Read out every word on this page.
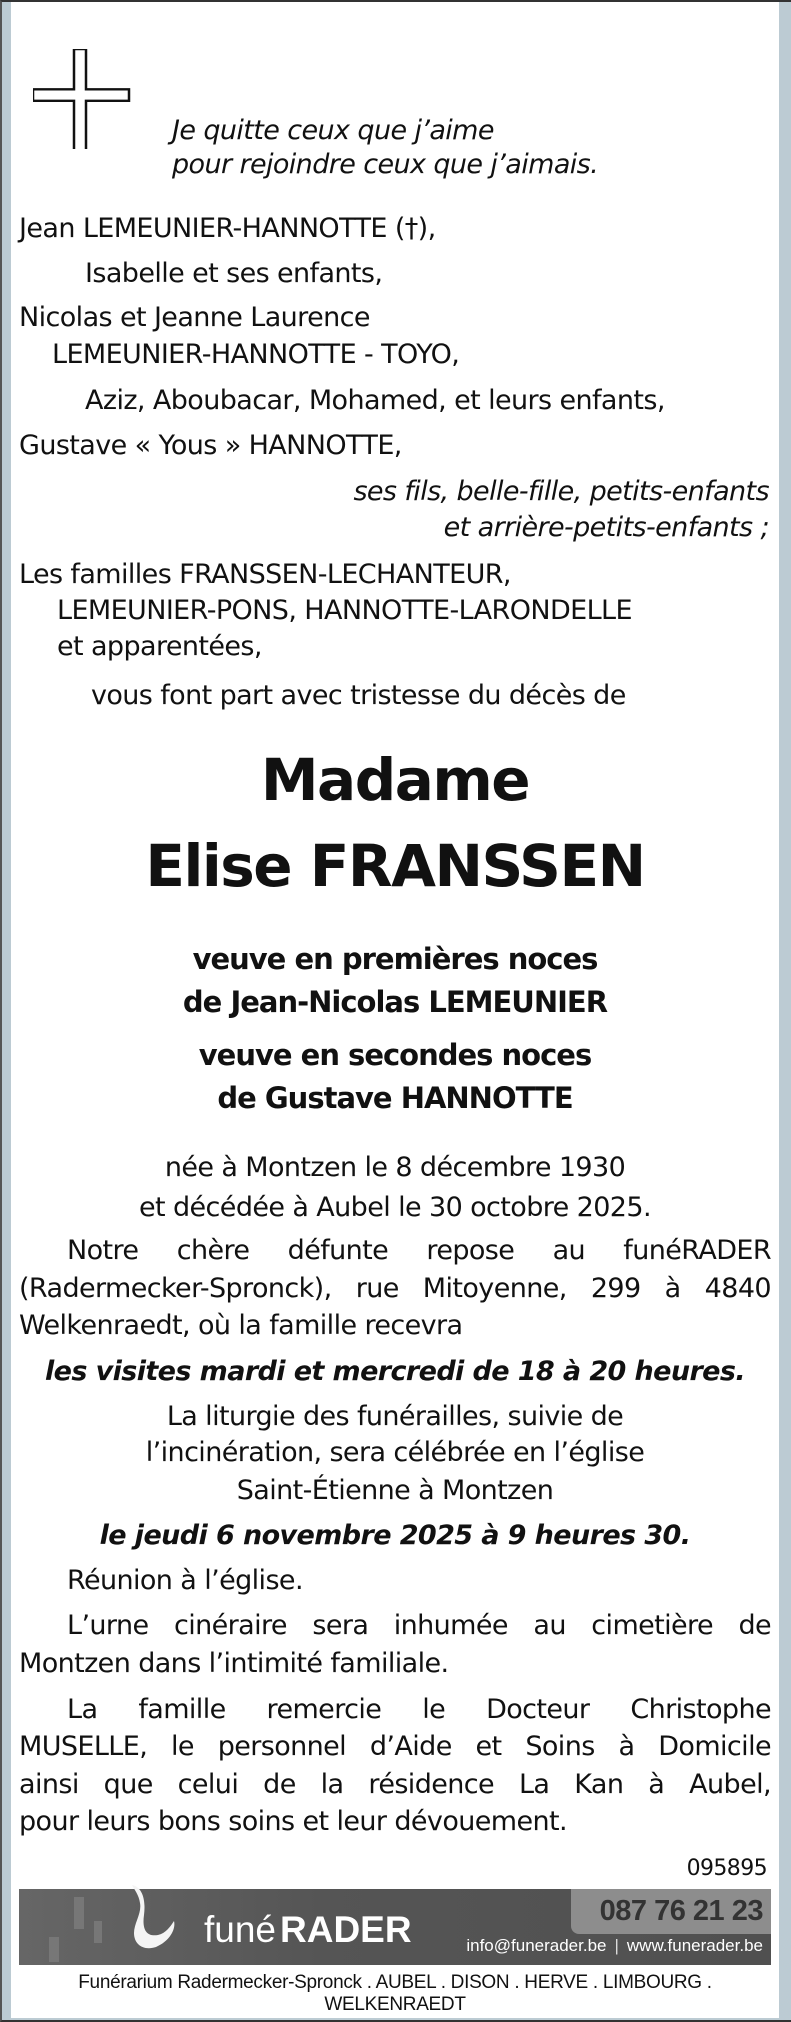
Je quitte ceux que j’aime
pour rejoindre ceux que j’aimais.
Jean LEMEUNIER-HANNOTTE (†),
Isabelle et ses enfants,
Nicolas et Jeanne Laurence
LEMEUNIER-HANNOTTE - TOYO,
Aziz, Aboubacar, Mohamed, et leurs enfants,
Gustave « Yous » HANNOTTE,
ses fils, belle-fille, petits-enfants
et arrière-petits-enfants ;
Les familles FRANSSEN-LECHANTEUR,
LEMEUNIER-PONS, HANNOTTE-LARONDELLE
et apparentées,
vous font part avec tristesse du décès de
Madame
Elise FRANSSEN
veuve en premières noces
de Jean-Nicolas LEMEUNIER
veuve en secondes noces
de Gustave HANNOTTE
née à Montzen le 8 décembre 1930
et décédée à Aubel le 30 octobre 2025.
Notre chère défunte repose au funéRADER
(Radermecker-Spronck), rue Mitoyenne, 299 à 4840
Welkenraedt, où la famille recevra
les visites mardi et mercredi de 18 à 20 heures.
La liturgie des funérailles, suivie de
l’incinération, sera célébrée en l’église
Saint-Étienne à Montzen
le jeudi 6 novembre 2025 à 9 heures 30.
Réunion à l’église.
L’urne cinéraire sera inhumée au cimetière de
Montzen dans l’intimité familiale.
La famille remercie le Docteur Christophe
MUSELLE, le personnel d’Aide et Soins à Domicile
ainsi que celui de la résidence La Kan à Aubel,
pour leurs bons soins et leur dévouement.
095895
funé RADER	087 76 21 23
info@funerader.be | www.funerader.be
Funérarium Radermecker-Spronck . AUBEL . DISON . HERVE . LIMBOURG . WELKENRAEDT
